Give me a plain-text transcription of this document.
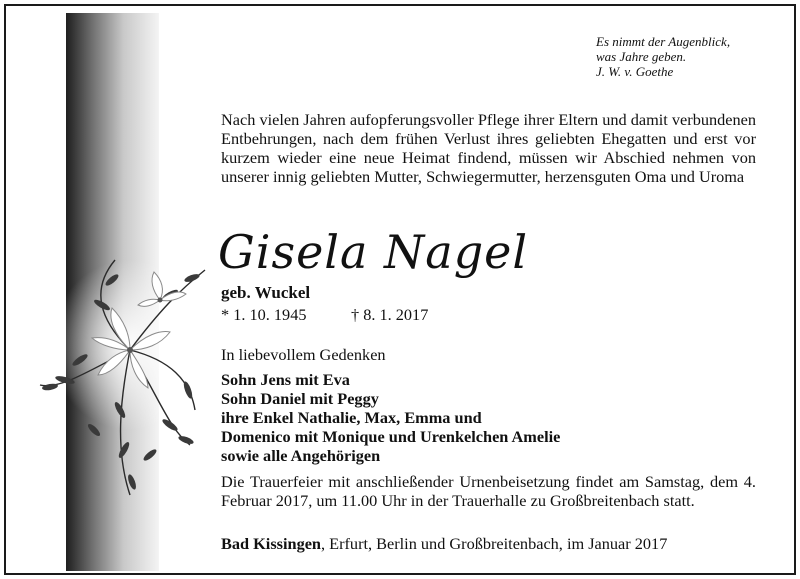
Es nimmt der Augenblick,
was Jahre geben.
J. W. v. Goethe
Nach vielen Jahren aufopferungsvoller Pflege ihrer Eltern und damit verbundenen Entbehrungen, nach dem frühen Verlust ihres geliebten Ehegatten und erst vor kurzem wieder eine neue Heimat findend, müssen wir Abschied nehmen von unserer innig geliebten Mutter, Schwiegermutter, herzensguten Oma und Uroma
Gisela Nagel
geb. Wuckel
* 1. 10. 1945	† 8. 1. 2017
In liebevollem Gedenken
Sohn Jens mit Eva
Sohn Daniel mit Peggy
ihre Enkel Nathalie, Max, Emma und
Domenico mit Monique und Urenkelchen Amelie
sowie alle Angehörigen
Die Trauerfeier mit anschließender Urnenbeisetzung findet am Samstag, dem 4. Februar 2017, um 11.00 Uhr in der Trauerhalle zu Großbreitenbach statt.
Bad Kissingen, Erfurt, Berlin und Großbreitenbach, im Januar 2017
